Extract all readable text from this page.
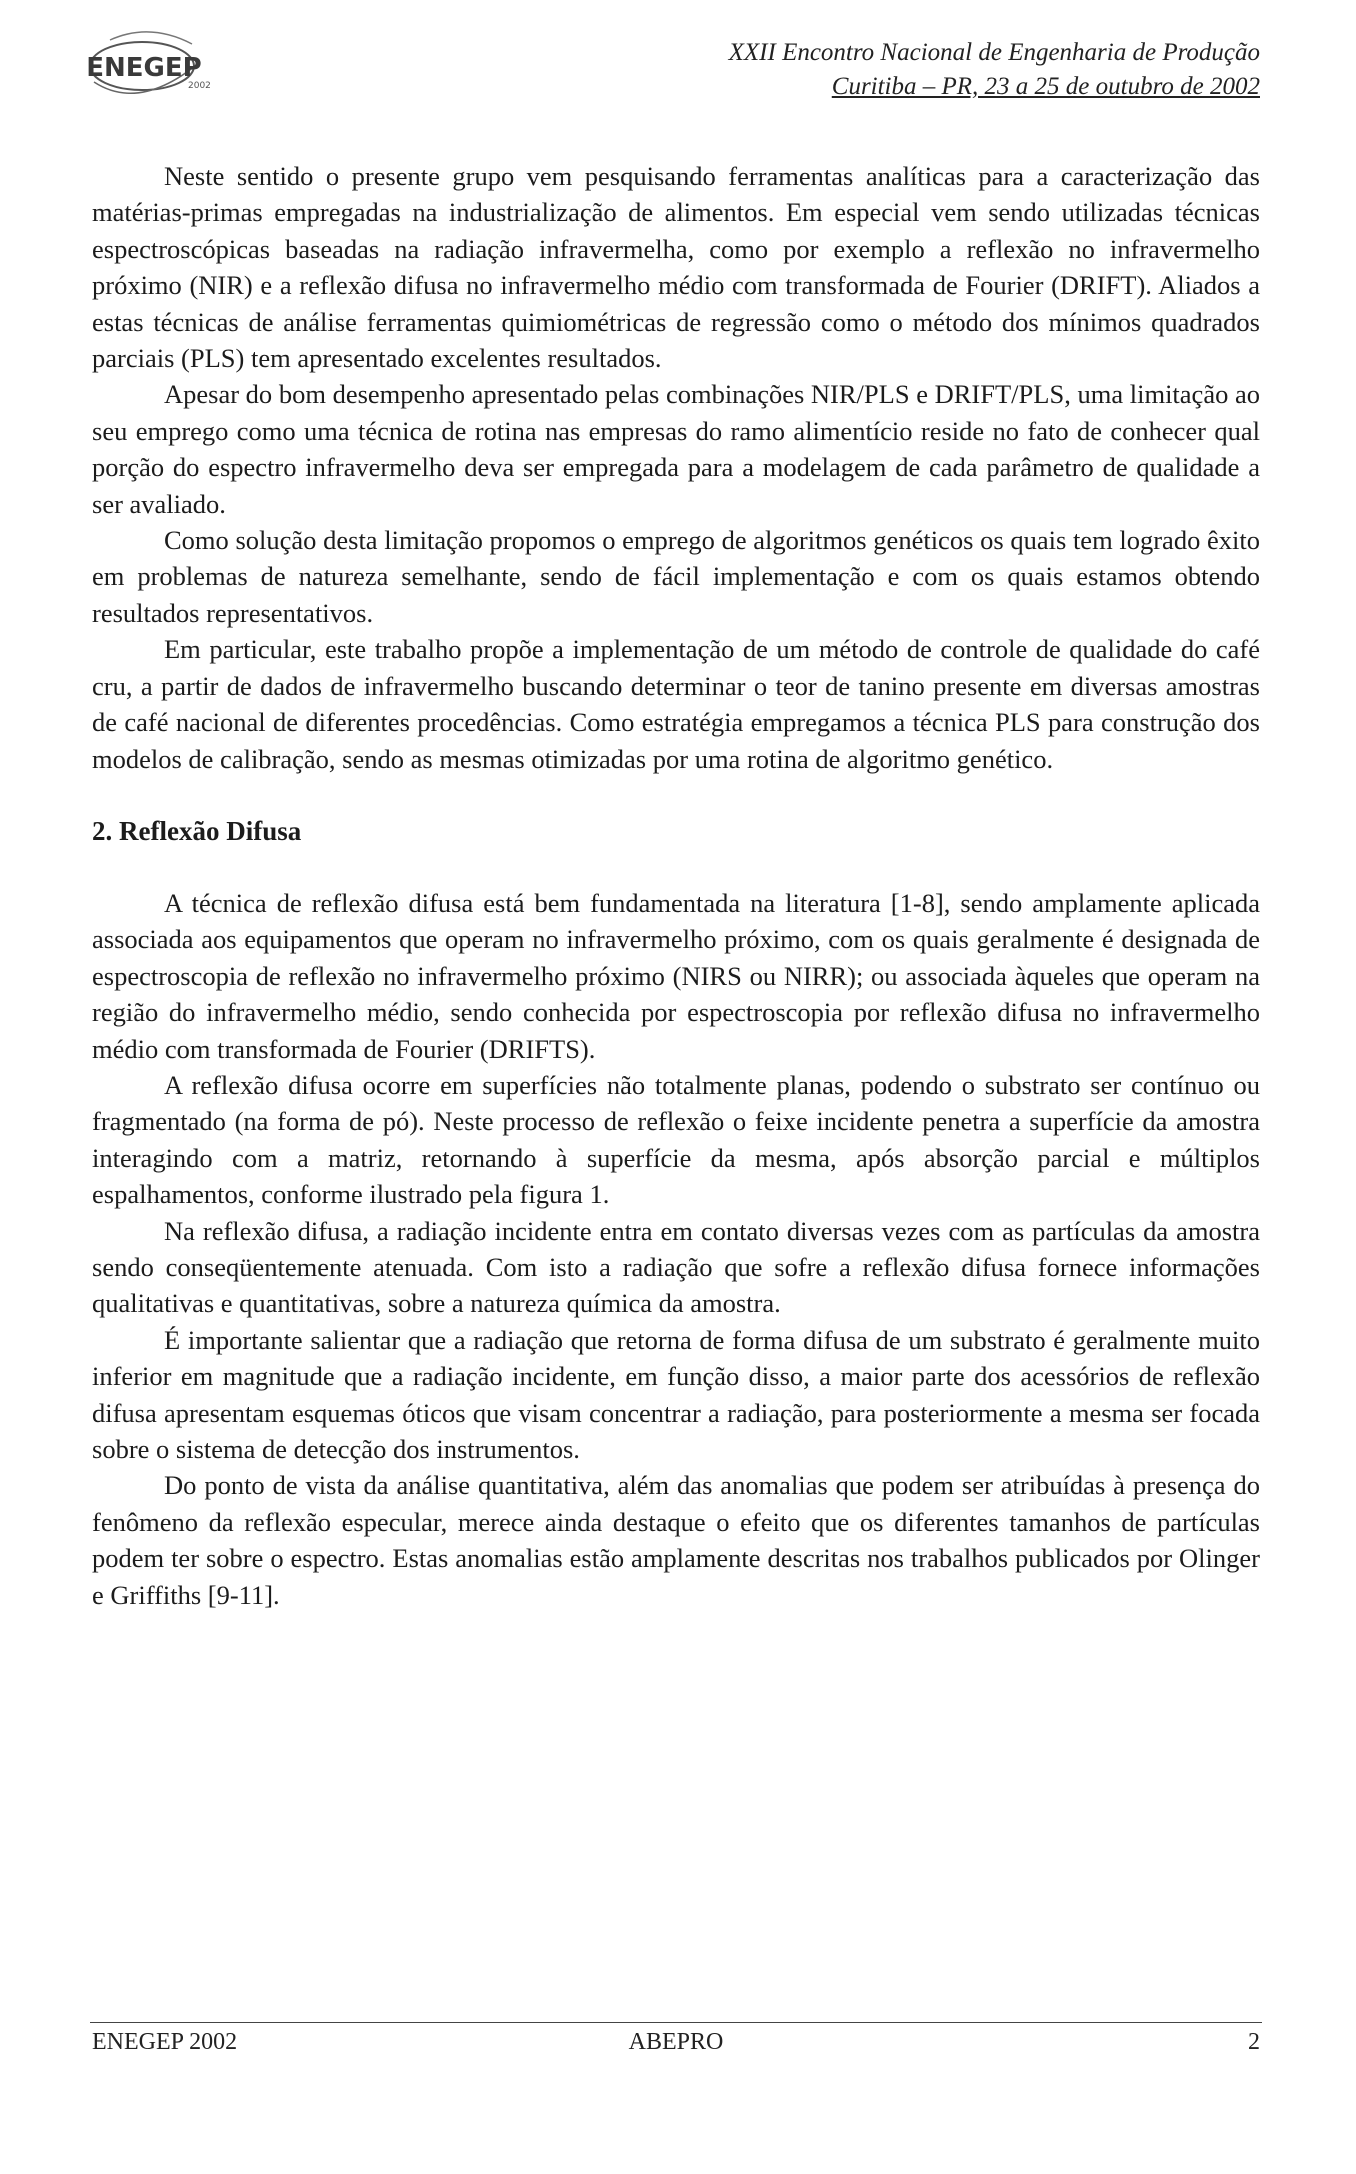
ENEGEP
2002
XXII Encontro Nacional de Engenharia de Produção
Curitiba – PR, 23 a 25 de outubro de 2002

Neste sentido o presente grupo vem pesquisando ferramentas analíticas para a caracterização das matérias-primas empregadas na industrialização de alimentos. Em especial vem sendo utilizadas técnicas espectroscópicas baseadas na radiação infravermelha, como por exemplo a reflexão no infravermelho próximo (NIR) e a reflexão difusa no infravermelho médio com transformada de Fourier (DRIFT). Aliados a estas técnicas de análise ferramentas quimiométricas de regressão como o método dos mínimos quadrados parciais (PLS) tem apresentado excelentes resultados.

Apesar do bom desempenho apresentado pelas combinações NIR/PLS e DRIFT/PLS, uma limitação ao seu emprego como uma técnica de rotina nas empresas do ramo alimentício reside no fato de conhecer qual porção do espectro infravermelho deva ser empregada para a modelagem de cada parâmetro de qualidade a ser avaliado.

Como solução desta limitação propomos o emprego de algoritmos genéticos os quais tem logrado êxito em problemas de natureza semelhante, sendo de fácil implementação e com os quais estamos obtendo resultados representativos.

Em particular, este trabalho propõe a implementação de um método de controle de qualidade do café cru, a partir de dados de infravermelho buscando determinar o teor de tanino presente em diversas amostras de café nacional de diferentes procedências. Como estratégia empregamos a técnica PLS para construção dos modelos de calibração, sendo as mesmas otimizadas por uma rotina de algoritmo genético.

2. Reflexão Difusa

A técnica de reflexão difusa está bem fundamentada na literatura [1-8], sendo amplamente aplicada associada aos equipamentos que operam no infravermelho próximo, com os quais geralmente é designada de espectroscopia de reflexão no infravermelho próximo (NIRS ou NIRR); ou associada àqueles que operam na região do infravermelho médio, sendo conhecida por espectroscopia por reflexão difusa no infravermelho médio com transformada de Fourier (DRIFTS).

A reflexão difusa ocorre em superfícies não totalmente planas, podendo o substrato ser contínuo ou fragmentado (na forma de pó). Neste processo de reflexão o feixe incidente penetra a superfície da amostra interagindo com a matriz, retornando à superfície da mesma, após absorção parcial e múltiplos espalhamentos, conforme ilustrado pela figura 1.

Na reflexão difusa, a radiação incidente entra em contato diversas vezes com as partículas da amostra sendo conseqüentemente atenuada. Com isto a radiação que sofre a reflexão difusa fornece informações qualitativas e quantitativas, sobre a natureza química da amostra.

É importante salientar que a radiação que retorna de forma difusa de um substrato é geralmente muito inferior em magnitude que a radiação incidente, em função disso, a maior parte dos acessórios de reflexão difusa apresentam esquemas óticos que visam concentrar a radiação, para posteriormente a mesma ser focada sobre o sistema de detecção dos instrumentos.

Do ponto de vista da análise quantitativa, além das anomalias que podem ser atribuídas à presença do fenômeno da reflexão especular, merece ainda destaque o efeito que os diferentes tamanhos de partículas podem ter sobre o espectro. Estas anomalias estão amplamente descritas nos trabalhos publicados por Olinger e Griffiths [9-11].

ENEGEP 2002	ABEPRO	2
